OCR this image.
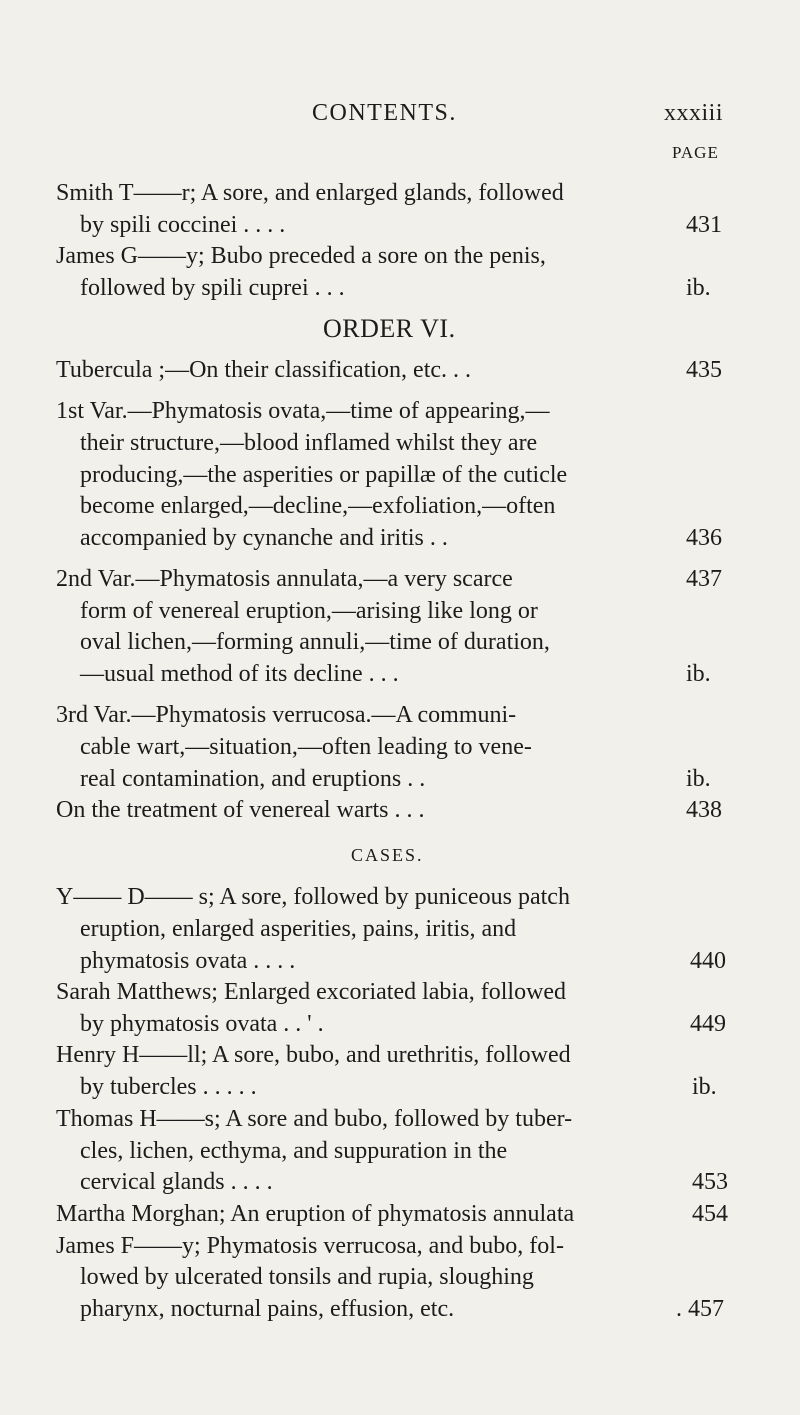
CONTENTS.	xxxiii
PAGE
Smith T——r; A sore, and enlarged glands, followed
by spili coccinei . . . .	431
James G——y; Bubo preceded a sore on the penis,
followed by spili cuprei . . .	ib.
ORDER VI.
Tubercula ;—On their classification, etc. . .	435
1st Var.—Phymatosis ovata,—time of appearing,—
their structure,—blood inflamed whilst they are
producing,—the asperities or papillæ of the cuticle
become enlarged,—decline,—exfoliation,—often
accompanied by cynanche and iritis . .	436
2nd Var.—Phymatosis annulata,—a very scarce	437
form of venereal eruption,—arising like long or
oval lichen,—forming annuli,—time of duration,
—usual method of its decline . . .	ib.
3rd Var.—Phymatosis verrucosa.—A communi-
cable wart,—situation,—often leading to vene-
real contamination, and eruptions . .	ib.
On the treatment of venereal warts . . .	438
CASES.
Y—— D—— s; A sore, followed by puniceous patch
eruption, enlarged asperities, pains, iritis, and
phymatosis ovata . . . .	440
Sarah Matthews; Enlarged excoriated labia, followed
by phymatosis ovata . . ' .	449
Henry H——ll; A sore, bubo, and urethritis, followed
by tubercles . . . . .	ib.
Thomas H——s; A sore and bubo, followed by tuber-
cles, lichen, ecthyma, and suppuration in the
cervical glands . . . .	453
Martha Morghan; An eruption of phymatosis annulata	454
James F——y; Phymatosis verrucosa, and bubo, fol-
lowed by ulcerated tonsils and rupia, sloughing
pharynx, nocturnal pains, effusion, etc.	. 457
